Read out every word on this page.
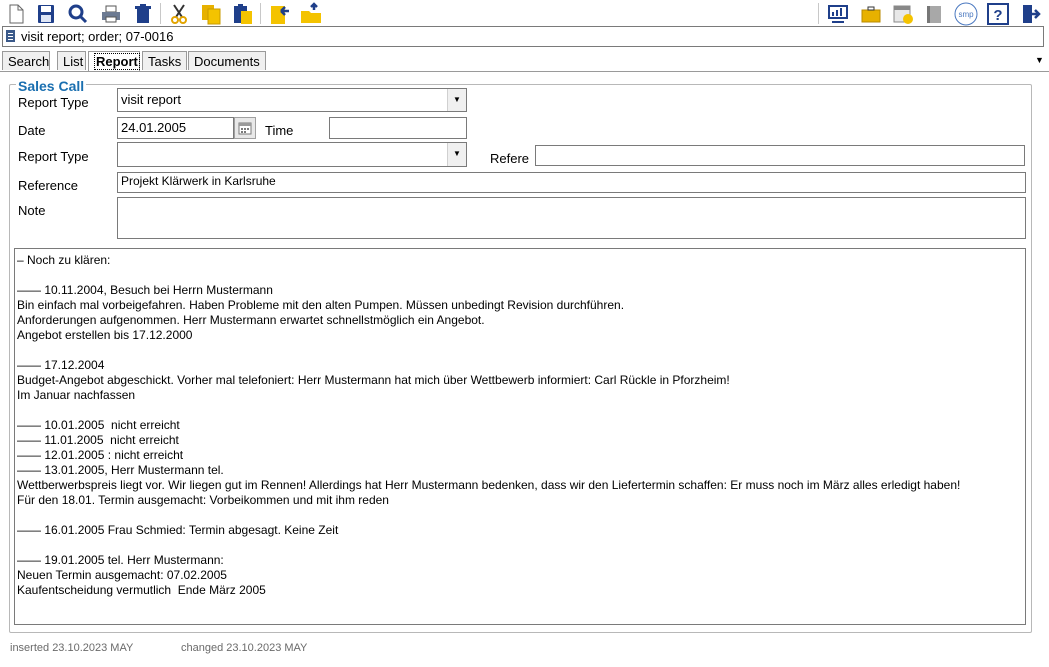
smp ?
visit report; order; 07-0016
Search	List Report Tasks Documents	▼
Sales Call
Report Type	visit report	▼
Date	24.01.2005	Time
Report Type	▼	Refere
Reference	Projekt Klärwerk in Karlsruhe
Note
– Noch zu klären:
—— 10.11.2004, Besuch bei Herrn Mustermann
Bin einfach mal vorbeigefahren. Haben Probleme mit den alten Pumpen. Müssen unbedingt Revision durchführen.
Anforderungen aufgenommen. Herr Mustermann erwartet schnellstmöglich ein Angebot.
Angebot erstellen bis 17.12.2000
—— 17.12.2004
Budget-Angebot abgeschickt. Vorher mal telefoniert: Herr Mustermann hat mich über Wettbewerb informiert: Carl Rückle in Pforzheim!
Im Januar nachfassen
—— 10.01.2005  nicht erreicht
—— 11.01.2005  nicht erreicht
—— 12.01.2005 : nicht erreicht
—— 13.01.2005, Herr Mustermann tel.
Wettberwerbspreis liegt vor. Wir liegen gut im Rennen! Allerdings hat Herr Mustermann bedenken, dass wir den Liefertermin schaffen: Er muss noch im März alles erledigt haben!
Für den 18.01. Termin ausgemacht: Vorbeikommen und mit ihm reden
—— 16.01.2005 Frau Schmied: Termin abgesagt. Keine Zeit
—— 19.01.2005 tel. Herr Mustermann:
Neuen Termin ausgemacht: 07.02.2005
Kaufentscheidung vermutlich  Ende März 2005
inserted 23.10.2023 MAY	changed 23.10.2023 MAY
